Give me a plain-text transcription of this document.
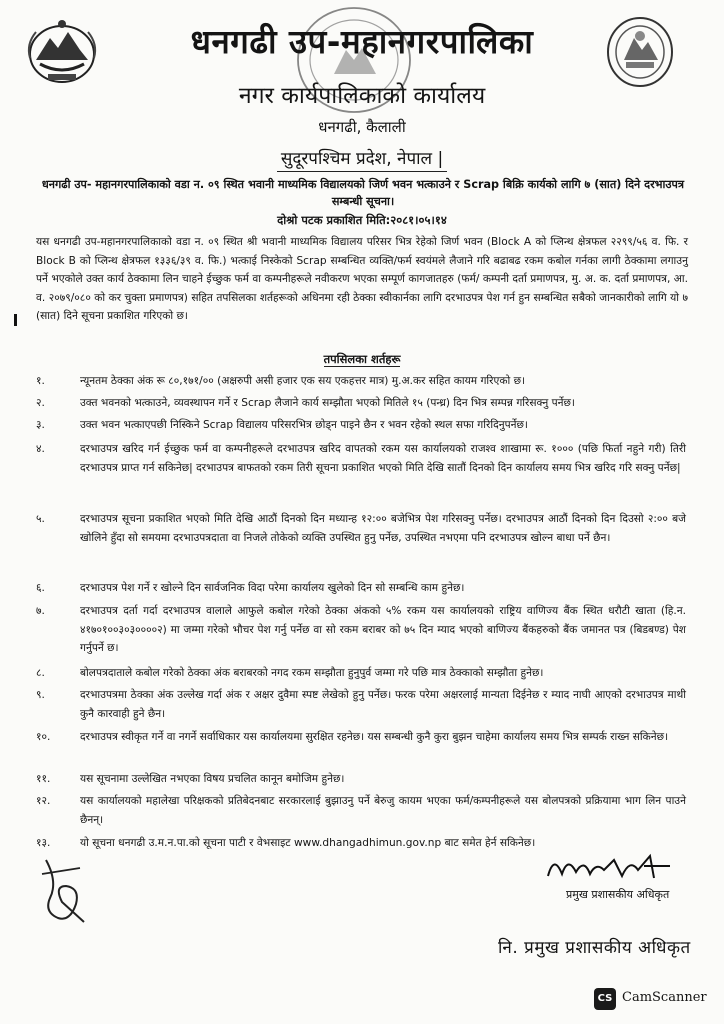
धनगढी उप-महानगरपालिका
नगर कार्यपालिकाको कार्यालय
धनगढी, कैलाली
सुदूरपश्चिम प्रदेश, नेपाल |
धनगढी उप- महानगरपालिकाको वडा न. ०९ स्थित भवानी माध्यमिक विद्यालयको जिर्ण भवन भत्काउने र Scrap बिक्रि कार्यको लागि ७ (सात) दिने दरभाउपत्र सम्बन्धी सूचना।
दोश्रो पटक प्रकाशित मिति:२०८१।०५।१४
यस धनगढी उप-महानगरपालिकाको वडा न. ०९ स्थित श्री भवानी माध्यमिक विद्यालय परिसर भित्र रेहेको जिर्ण भवन (Block A को प्लिन्थ क्षेत्रफल २२९९/५६ व. फि. र Block B को प्लिन्थ क्षेत्रफल १३३६/३९ व. फि.) भत्काई निस्केको Scrap सम्बन्धित व्यक्ति/फर्म स्वयंमले लैजाने गरि बढाबढ रकम कबोल गर्नका लागी ठेक्कामा लगाउनु पर्ने भएकोले उक्त कार्य ठेक्कामा लिन चाहने ईच्छुक फर्म वा कम्पनीहरूले नवीकरण भएका सम्पूर्ण कागजातहरु (फर्म/ कम्पनी दर्ता प्रमाणपत्र, मु. अ. क. दर्ता प्रमाणपत्र, आ. व. २०७९/०८० को कर चुक्ता प्रमाणपत्र) सहित तपसिलका शर्तहरूको अधिनमा रही ठेक्का स्वीकार्नका लागि दरभाउपत्र पेश गर्न हुन सम्बन्धित सबैको जानकारीको लागि यो ७ (सात) दिने सूचना प्रकाशित गरिएको छ।
तपसिलका शर्तहरू
१.	न्यूनतम ठेक्का अंक रू ८०,१७१/०० (अक्षरुपी असी हजार एक सय एकहत्तर मात्र) मु.अ.कर सहित कायम गरिएको छ।
२.	उक्त भवनको भत्काउने, व्यवस्थापन गर्ने र Scrap लैजाने कार्य सम्झौता भएको मितिले १५ (पन्ध्र) दिन भित्र सम्पन्न गरिसक्नु पर्नेछ।
३.	उक्त भवन भत्काएपछी निस्किने Scrap विद्यालय परिसरभित्र छोड्न पाइने छैन र भवन रहेको स्थल सफा गरिदिनुपर्नेछ।
४.	दरभाउपत्र खरिद गर्न ईच्छुक फर्म वा कम्पनीहरूले दरभाउपत्र खरिद वापतको रकम यस कार्यालयको राजश्व शाखामा रू. १००० (पछि फिर्ता नहुने गरी) तिरी दरभाउपत्र प्राप्त गर्न सकिनेछ| दरभाउपत्र बाफतको रकम तिरी सूचना प्रकाशित भएको मिति देखि सातौं दिनको दिन कार्यालय समय भित्र खरिद गरि सक्नु पर्नेछ|
५.	दरभाउपत्र सूचना प्रकाशित भएको मिति देखि आठौं दिनको दिन मध्यान्ह १२:०० बजेभित्र पेश गरिसक्नु पर्नेछ। दरभाउपत्र आठौं दिनको दिन दिउसो २:०० बजे खोलिने हुँदा सो समयमा दरभाउपत्रदाता वा निजले तोकेको व्यक्ति उपस्थित हुनु पर्नेछ, उपस्थित नभएमा पनि दरभाउपत्र खोल्न बाधा पर्ने छैन।
६.	दरभाउपत्र पेश गर्ने र खोल्ने दिन सार्वजनिक विदा परेमा कार्यालय खुलेको दिन सो सम्बन्धि काम हुनेछ।
७.	दरभाउपत्र दर्ता गर्दा दरभाउपत्र वालाले आफुले कबोल गरेको ठेक्का अंकको ५% रकम यस कार्यालयको राष्ट्रिय वाणिज्य बैंक स्थित धरौटी खाता (हि.न. ४१७०१००३०३००००२) मा जम्मा गरेको भौचर पेश गर्नु पर्नेछ वा सो रकम बराबर को ७५ दिन म्याद भएको बाणिज्य बैंकहरुको बैंक जमानत पत्र (बिडबण्ड) पेश गर्नुपर्ने छ।
८.	बोलपत्रदाताले कबोल गरेको ठेक्का अंक बराबरको नगद रकम सम्झौता हुनुपुर्व जम्मा गरे पछि मात्र ठेक्काको सम्झौता हुनेछ।
९.	दरभाउपत्रमा ठेक्का अंक उल्लेख गर्दा अंक र अक्षर दुवैमा स्पष्ट लेखेको हुनु पर्नेछ। फरक परेमा अक्षरलाई मान्यता दिईनेछ र म्याद नाघी आएको दरभाउपत्र माथी कुनै कारवाही हुने छैन।
१०.	दरभाउपत्र स्वीकृत गर्ने वा नगर्ने सर्वाधिकार यस कार्यालयमा सुरक्षित रहनेछ। यस सम्बन्धी कुनै कुरा बुझन चाहेमा कार्यालय समय भित्र सम्पर्क राख्न सकिनेछ।
११.	यस सूचनामा उल्लेखित नभएका विषय प्रचलित कानून बमोजिम हुनेछ।
१२.	यस कार्यालयको महालेखा परिक्षकको प्रतिबेदनबाट सरकारलाई बुझाउनु पर्ने बेरुजु कायम भएका फर्म/कम्पनीहरूले यस बोलपत्रको प्रक्रियामा भाग लिन पाउने छैनन्।
१३.	यो सूचना धनगढी उ.म.न.पा.को सूचना पाटी र वेभसाइट www.dhangadhimun.gov.np बाट समेत हेर्न सकिनेछ।
प्रमुख प्रशासकीय अधिकृत
नि. प्रमुख प्रशासकीय अधिकृत
CS CamScanner
